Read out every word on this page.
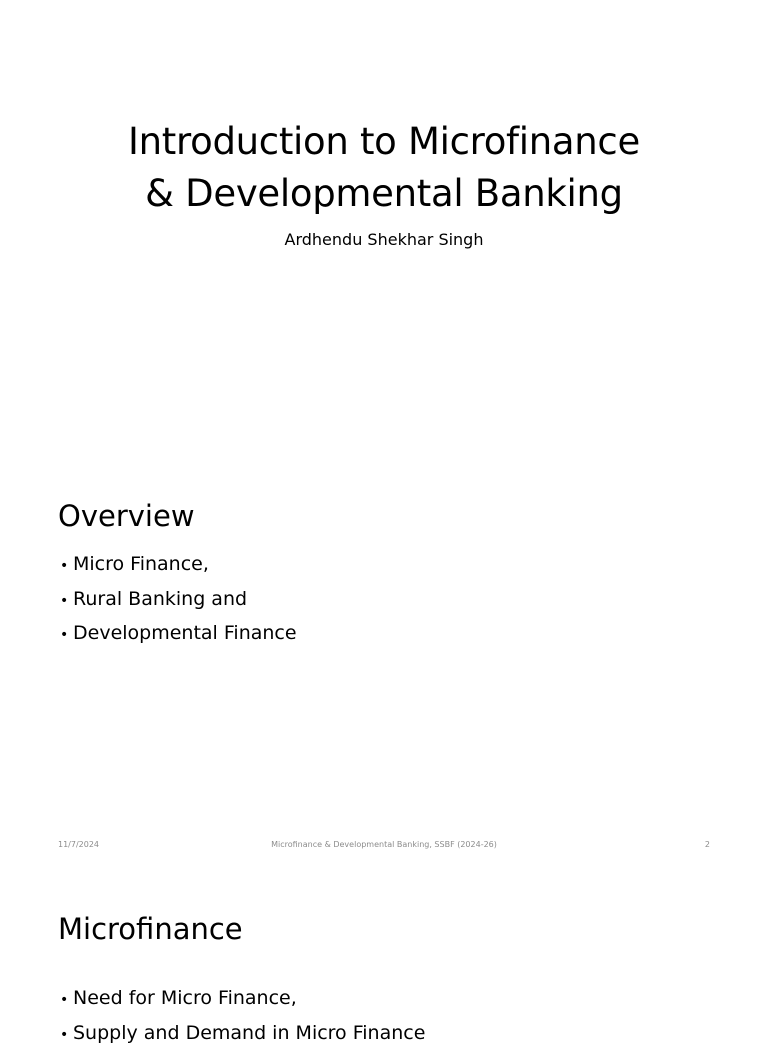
Introduction to Microfinance
& Developmental Banking
Ardhendu Shekhar Singh
Overview
• Micro Finance,
• Rural Banking and
• Developmental Finance
11/7/2024	Microfinance & Developmental Banking, SSBF (2024-26)	2
Microfinance
• Need for Micro Finance,
• Supply and Demand in Micro Finance
